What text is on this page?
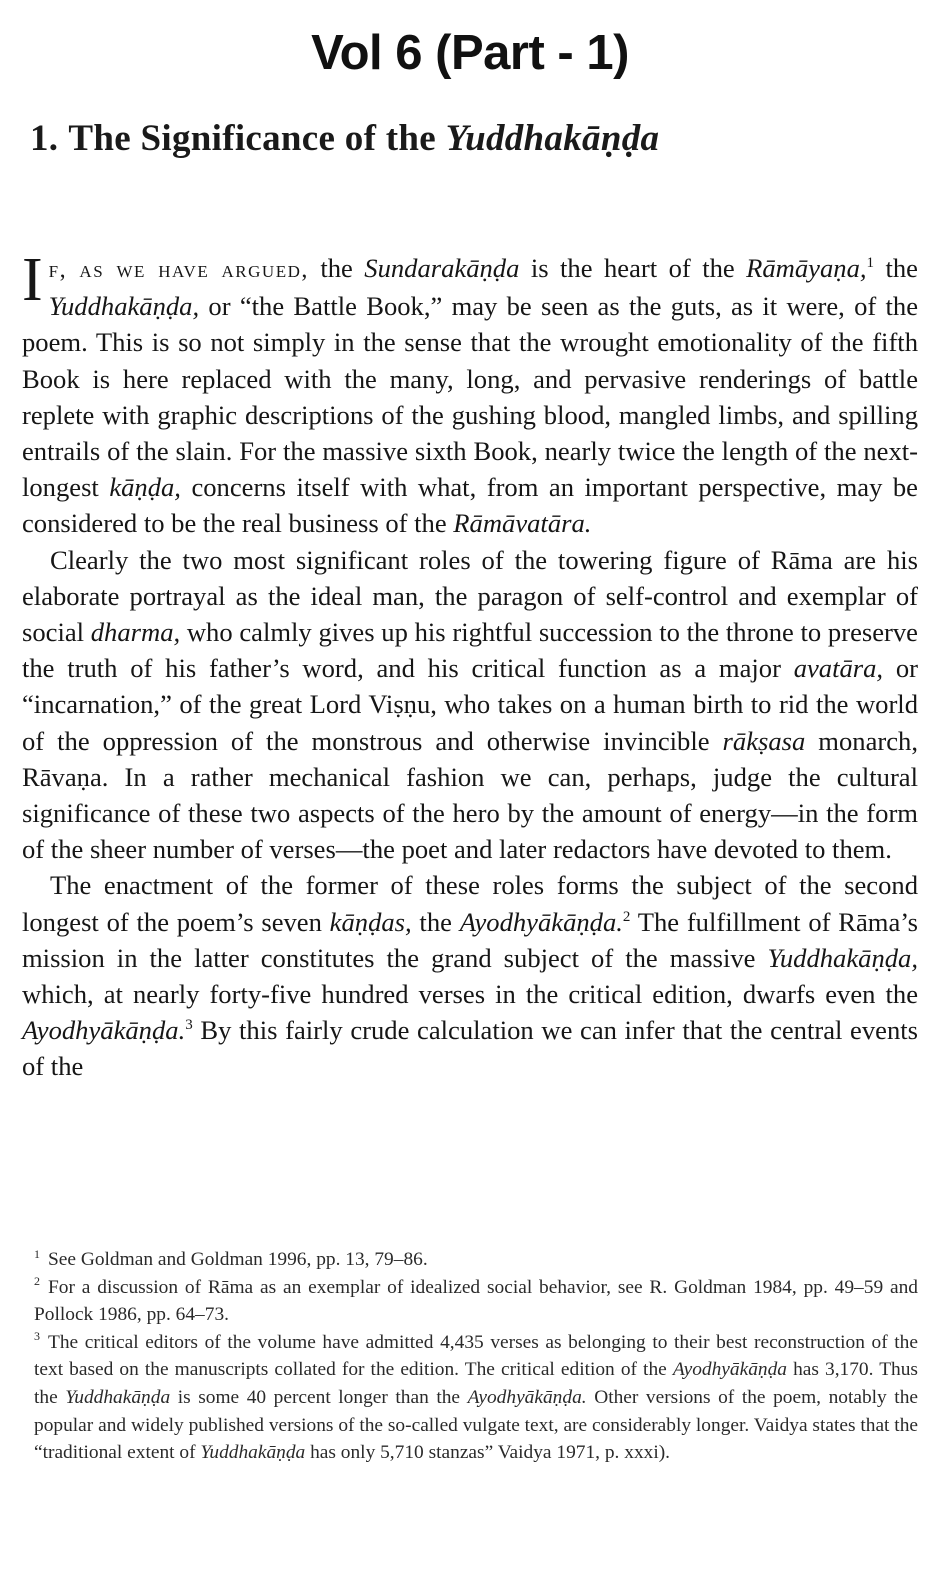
Vol 6 (Part - 1)
1. The Significance of the Yuddhakāṇḍa

If, as we have argued, the Sundarakāṇḍa is the heart of the Rāmāyaṇa,$^1$ the Yuddhakāṇḍa, or “the Battle Book,” may be seen as the guts, as it were, of the poem. This is so not simply in the sense that the wrought emotionality of the fifth Book is here replaced with the many, long, and pervasive renderings of battle replete with graphic descriptions of the gushing blood, mangled limbs, and spilling entrails of the slain. For the massive sixth Book, nearly twice the length of the next-longest kāṇḍa, concerns itself with what, from an important perspective, may be considered to be the real business of the Rāmāvatāra.

Clearly the two most significant roles of the towering figure of Rāma are his elaborate portrayal as the ideal man, the paragon of self-control and exemplar of social dharma, who calmly gives up his rightful succession to the throne to preserve the truth of his father’s word, and his critical function as a major avatāra, or “incarnation,” of the great Lord Viṣṇu, who takes on a human birth to rid the world of the oppression of the monstrous and otherwise invincible rākṣasa monarch, Rāvaṇa. In a rather mechanical fashion we can, perhaps, judge the cultural significance of these two aspects of the hero by the amount of energy—in the form of the sheer number of verses—the poet and later redactors have devoted to them.

The enactment of the former of these roles forms the subject of the second longest of the poem’s seven kāṇḍas, the Ayodhyākāṇḍa.$^2$ The fulfillment of Rāma’s mission in the latter constitutes the grand subject of the massive Yuddhakāṇḍa, which, at nearly forty-five hundred verses in the critical edition, dwarfs even the Ayodhyākāṇḍa.$^3$ By this fairly crude calculation we can infer that the central events of the

$^1$ See Goldman and Goldman 1996, pp. 13, 79–86.

$^2$ For a discussion of Rāma as an exemplar of idealized social behavior, see R. Goldman 1984, pp. 49–59 and Pollock 1986, pp. 64–73.

$^3$ The critical editors of the volume have admitted 4,435 verses as belonging to their best reconstruction of the text based on the manuscripts collated for the edition. The critical edition of the Ayodhyākāṇḍa has 3,170. Thus the Yuddhakāṇḍa is some 40 percent longer than the Ayodhyākāṇḍa. Other versions of the poem, notably the popular and widely published versions of the so-called vulgate text, are considerably longer. Vaidya states that the “traditional extent of Yuddhakāṇḍa has only 5,710 stanzas” Vaidya 1971, p. xxxi).
